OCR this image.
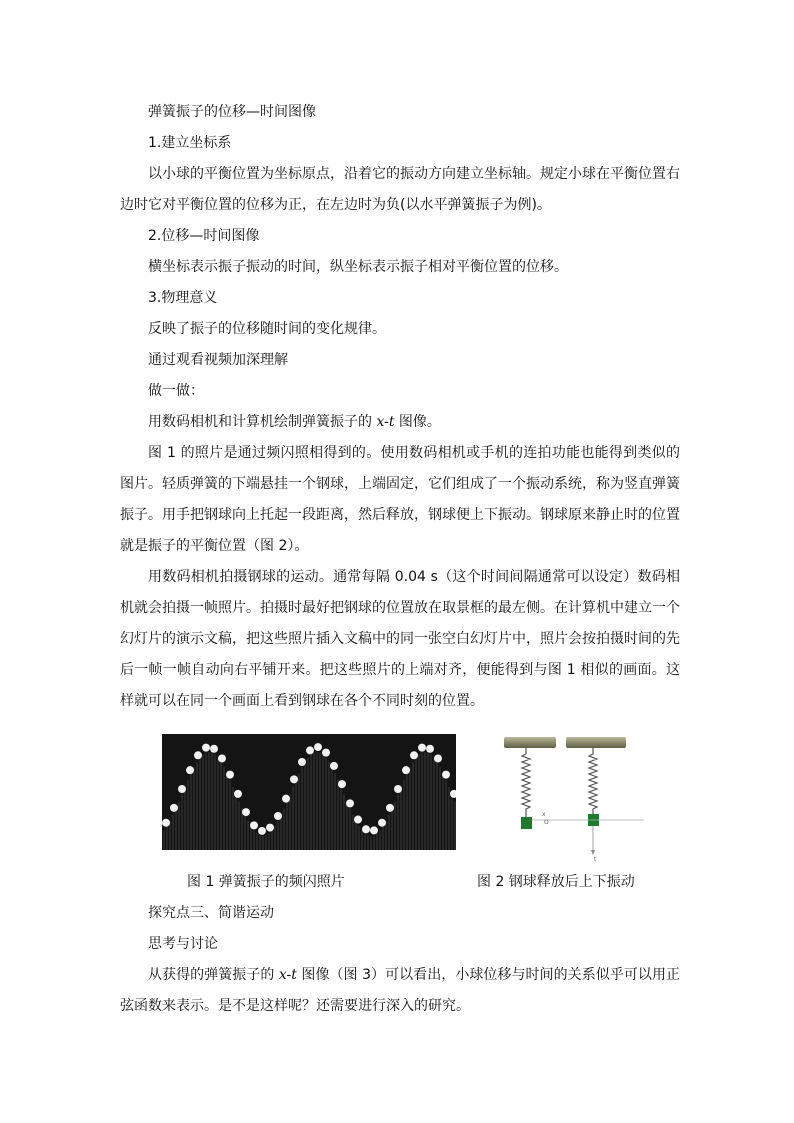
弹簧振子的位移—时间图像

1.建立坐标系

以小球的平衡位置为坐标原点，沿着它的振动方向建立坐标轴。规定小球在平衡位置右边时它对平衡位置的位移为正，在左边时为负(以水平弹簧振子为例)。

2.位移—时间图像

横坐标表示振子振动的时间，纵坐标表示振子相对平衡位置的位移。

3.物理意义

反映了振子的位移随时间的变化规律。

通过观看视频加深理解

做一做：

用数码相机和计算机绘制弹簧振子的 x-t 图像。

图 1 的照片是通过频闪照相得到的。使用数码相机或手机的连拍功能也能得到类似的图片。轻质弹簧的下端悬挂一个钢球，上端固定，它们组成了一个振动系统，称为竖直弹簧振子。用手把钢球向上托起一段距离，然后释放，钢球便上下振动。钢球原来静止时的位置就是振子的平衡位置（图 2）。

用数码相机拍摄钢球的运动。通常每隔 0.04 s（这个时间间隔通常可以设定）数码相机就会拍摄一帧照片。拍摄时最好把钢球的位置放在取景框的最左侧。在计算机中建立一个幻灯片的演示文稿，把这些照片插入文稿中的同一张空白幻灯片中，照片会按拍摄时间的先后一帧一帧自动向右平铺开来。把这些照片的上端对齐，便能得到与图 1 相似的画面。这样就可以在同一个画面上看到钢球在各个不同时刻的位置。

x
O
t
图 1 弹簧振子的频闪照片	图 2 钢球释放后上下振动

探究点三、简谐运动

思考与讨论

从获得的弹簧振子的 x-t 图像（图 3）可以看出，小球位移与时间的关系似乎可以用正弦函数来表示。是不是这样呢？还需要进行深入的研究。
